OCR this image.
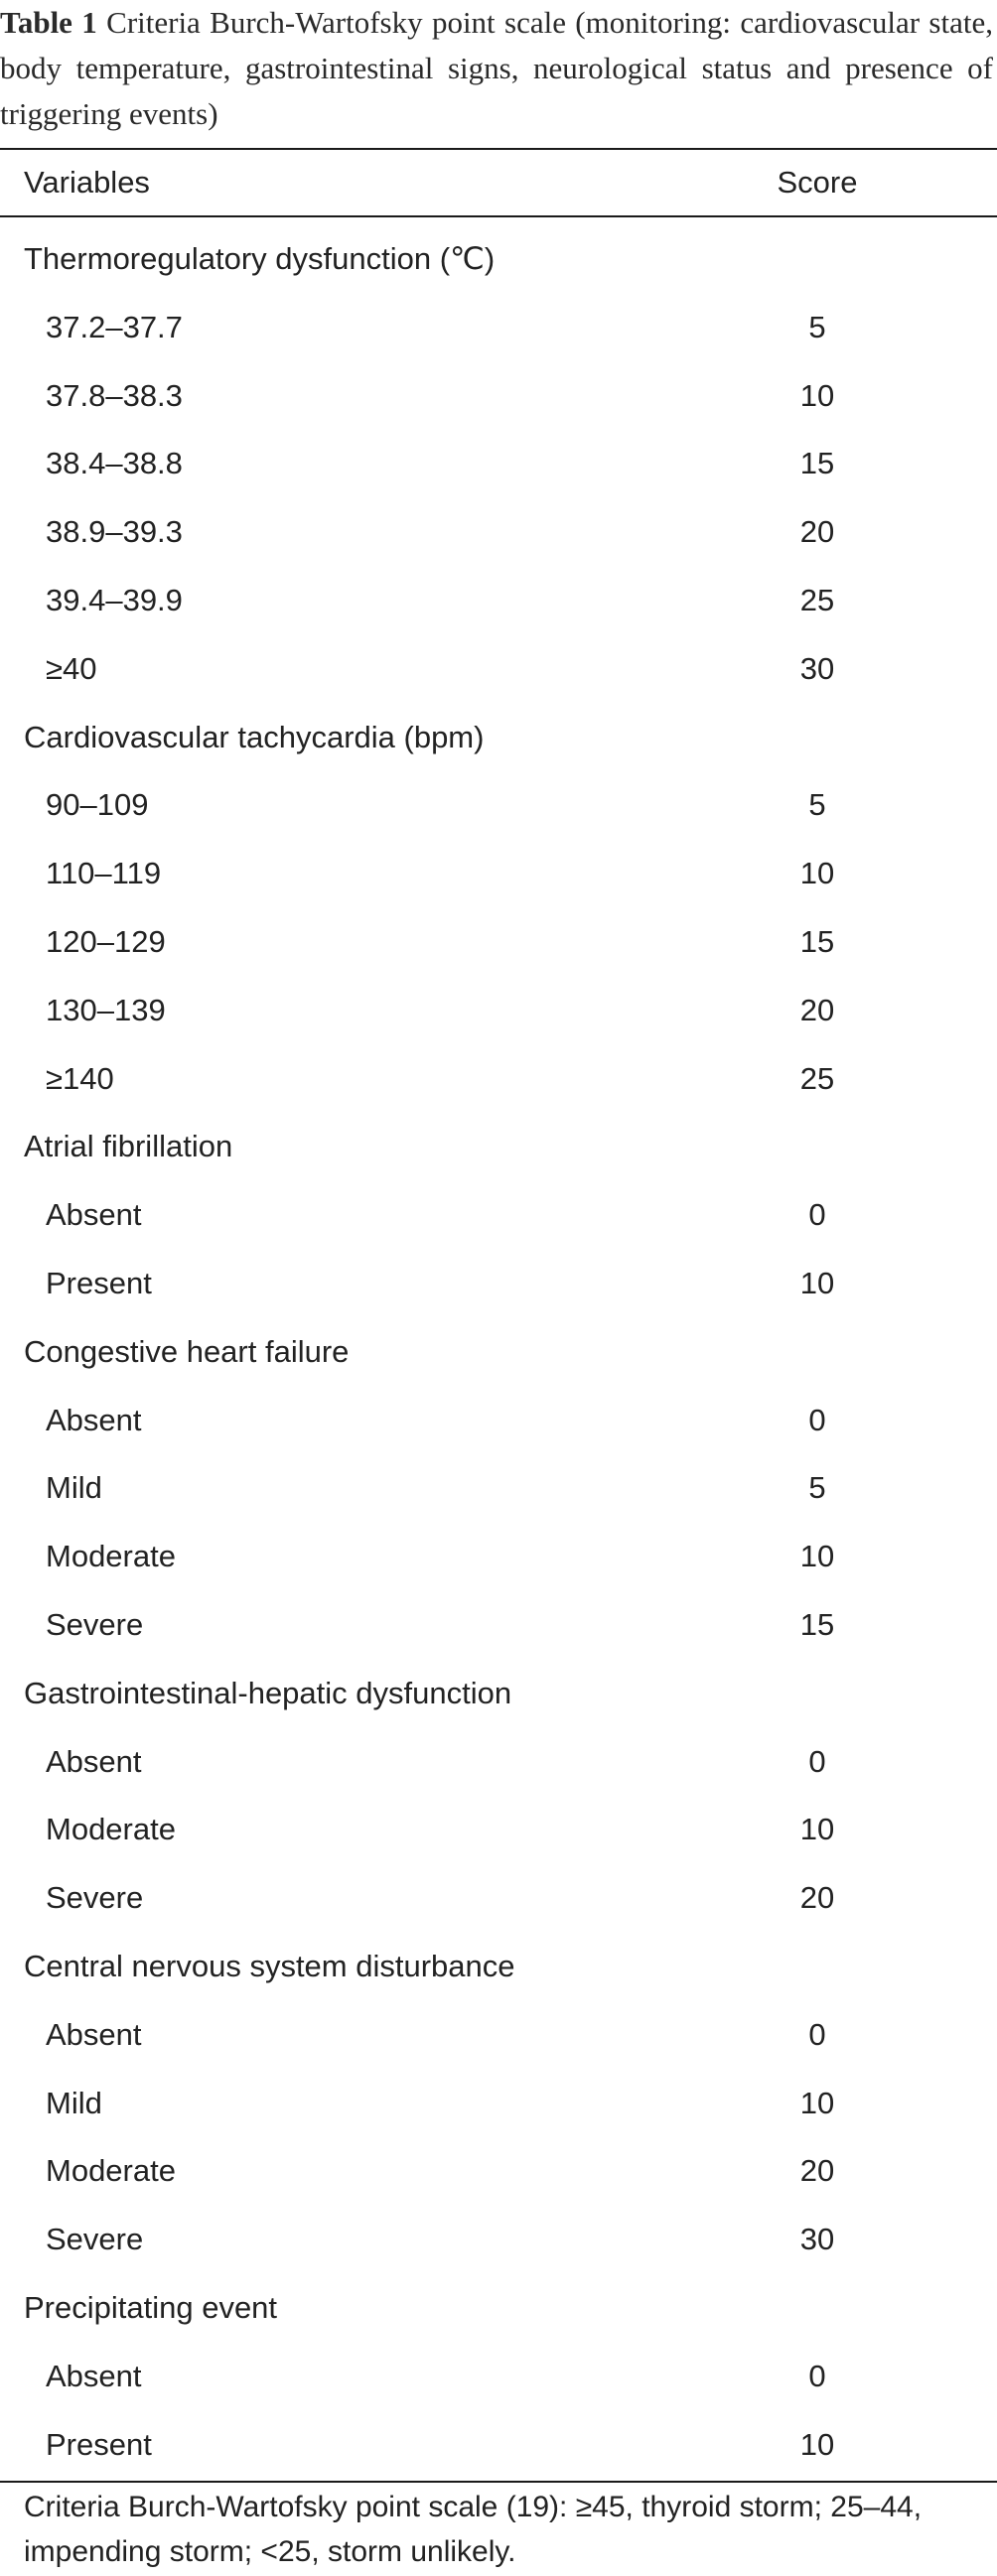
Table 1 Criteria Burch-Wartofsky point scale (monitoring: cardiovascular state, body temperature, gastrointestinal signs, neurological status and presence of triggering events)

Variables	Score
Thermoregulatory dysfunction (℃)
37.2–37.7	5
37.8–38.3	10
38.4–38.8	15
38.9–39.3	20
39.4–39.9	25
≥40	30
Cardiovascular tachycardia (bpm)
90–109	5
110–119	10
120–129	15
130–139	20
≥140	25
Atrial fibrillation
Absent	0
Present	10
Congestive heart failure
Absent	0
Mild	5
Moderate	10
Severe	15
Gastrointestinal-hepatic dysfunction
Absent	0
Moderate	10
Severe	20
Central nervous system disturbance
Absent	0
Mild	10
Moderate	20
Severe	30
Precipitating event
Absent	0
Present	10

Criteria Burch-Wartofsky point scale (19): ≥45, thyroid storm; 25–44, impending storm; <25, storm unlikely.
